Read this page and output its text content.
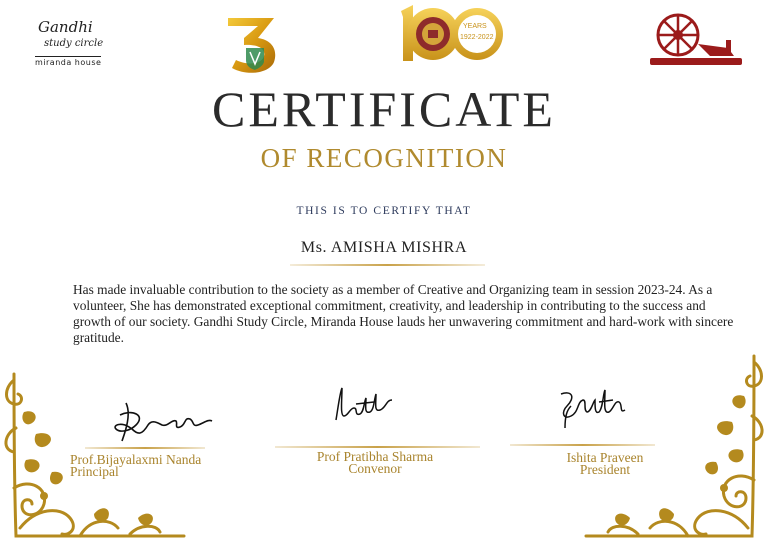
Gandhi
study circle
miranda house
YEARS
1922-2022
CERTIFICATE
OF RECOGNITION
THIS IS TO CERTIFY THAT
Ms. AMISHA MISHRA
Has made invaluable contribution to the society as a member of Creative and Organizing team in session 2023-24. As a volunteer, She has demonstrated exceptional commitment, creativity, and leadership in contributing to the success and growth of our society. Gandhi Study Circle, Miranda House lauds her unwavering commitment and hard-work with sincere gratitude.
Prof.Bijayalaxmi Nanda
Principal
Prof Pratibha Sharma
Convenor
Ishita Praveen
President
